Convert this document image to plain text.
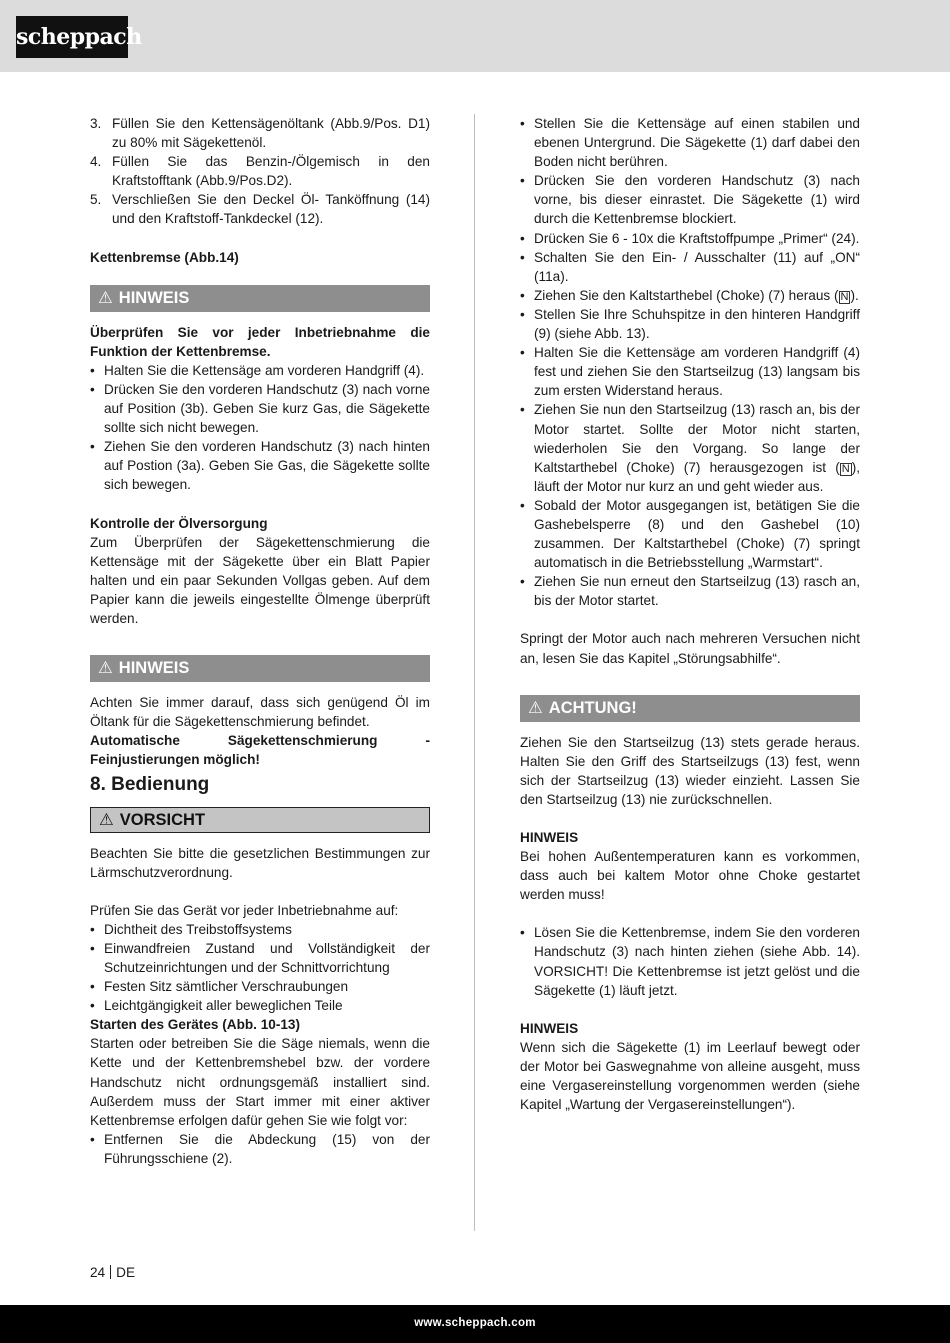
scheppach
3. Füllen Sie den Kettensägenöltank (Abb.9/Pos. D1) zu 80% mit Sägekettenöl.
4. Füllen Sie das Benzin-/Ölgemisch in den Kraftstofftank (Abb.9/Pos.D2).
5. Verschließen Sie den Deckel Öl- Tanköffnung (14) und den Kraftstoff-Tankdeckel (12).

Kettenbremse (Abb.14)

⚠ HINWEIS

Überprüfen Sie vor jeder Inbetriebnahme die Funktion der Kettenbremse.

• Halten Sie die Kettensäge am vorderen Handgriff (4).
• Drücken Sie den vorderen Handschutz (3) nach vorne auf Position (3b). Geben Sie kurz Gas, die Sägekette sollte sich nicht bewegen.
• Ziehen Sie den vorderen Handschutz (3) nach hinten auf Postion (3a). Geben Sie Gas, die Sägekette sollte sich bewegen.

Kontrolle der Ölversorgung

Zum Überprüfen der Sägekettenschmierung die Kettensäge mit der Sägekette über ein Blatt Papier halten und ein paar Sekunden Vollgas geben. Auf dem Papier kann die jeweils eingestellte Ölmenge überprüft werden.

⚠ HINWEIS

Achten Sie immer darauf, dass sich genügend Öl im Öltank für die Sägekettenschmierung befindet.

Automatische Sägekettenschmierung - Feinjustierungen möglich!

8. Bedienung
⚠ VORSICHT

Beachten Sie bitte die gesetzlichen Bestimmungen zur Lärmschutzverordnung.

Prüfen Sie das Gerät vor jeder Inbetriebnahme auf:

• Dichtheit des Treibstoffsystems
• Einwandfreien Zustand und Vollständigkeit der Schutzeinrichtungen und der Schnittvorrichtung
• Festen Sitz sämtlicher Verschraubungen
• Leichtgängigkeit aller beweglichen Teile

Starten des Gerätes (Abb. 10-13)

Starten oder betreiben Sie die Säge niemals, wenn die Kette und der Kettenbremshebel bzw. der vordere Handschutz nicht ordnungsgemäß installiert sind. Außerdem muss der Start immer mit einer aktiver Kettenbremse erfolgen dafür gehen Sie wie folgt vor:

• Entfernen Sie die Abdeckung (15) von der Führungsschiene (2).
• Stellen Sie die Kettensäge auf einen stabilen und ebenen Untergrund. Die Sägekette (1) darf dabei den Boden nicht berühren.
• Drücken Sie den vorderen Handschutz (3) nach vorne, bis dieser einrastet. Die Sägekette (1) wird durch die Kettenbremse blockiert.
• Drücken Sie 6 - 10x die Kraftstoffpumpe „Primer“ (24).
• Schalten Sie den Ein- / Ausschalter (11) auf „ON“ (11a).
• Ziehen Sie den Kaltstarthebel (Choke) (7) heraus ( N ).
• Stellen Sie Ihre Schuhspitze in den hinteren Handgriff (9) (siehe Abb. 13).
• Halten Sie die Kettensäge am vorderen Handgriff (4) fest und ziehen Sie den Startseilzug (13) langsam bis zum ersten Widerstand heraus.
• Ziehen Sie nun den Startseilzug (13) rasch an, bis der Motor startet. Sollte der Motor nicht starten, wiederholen Sie den Vorgang. So lange der Kaltstarthebel (Choke) (7) herausgezogen ist ( N ), läuft der Motor nur kurz an und geht wieder aus.
• Sobald der Motor ausgegangen ist, betätigen Sie die Gashebelsperre (8) und den Gashebel (10) zusammen. Der Kaltstarthebel (Choke) (7) springt automatisch in die Betriebsstellung „Warmstart“.
• Ziehen Sie nun erneut den Startseilzug (13) rasch an, bis der Motor startet.

Springt der Motor auch nach mehreren Versuchen nicht an, lesen Sie das Kapitel „Störungsabhilfe“.

⚠ ACHTUNG!

Ziehen Sie den Startseilzug (13) stets gerade heraus. Halten Sie den Griff des Startseilzugs (13) fest, wenn sich der Startseilzug (13) wieder einzieht. Lassen Sie den Startseilzug (13) nie zurückschnellen.

HINWEIS

Bei hohen Außentemperaturen kann es vorkommen, dass auch bei kaltem Motor ohne Choke gestartet werden muss!

• Lösen Sie die Kettenbremse, indem Sie den vorderen Handschutz (3) nach hinten ziehen (siehe Abb. 14). VORSICHT! Die Kettenbremse ist jetzt gelöst und die Sägekette (1) läuft jetzt.

HINWEIS

Wenn sich die Sägekette (1) im Leerlauf bewegt oder der Motor bei Gaswegnahme von alleine ausgeht, muss eine Vergasereinstellung vorgenommen werden (siehe Kapitel „Wartung der Vergasereinstellungen“).

24 DE
www.scheppach.com
